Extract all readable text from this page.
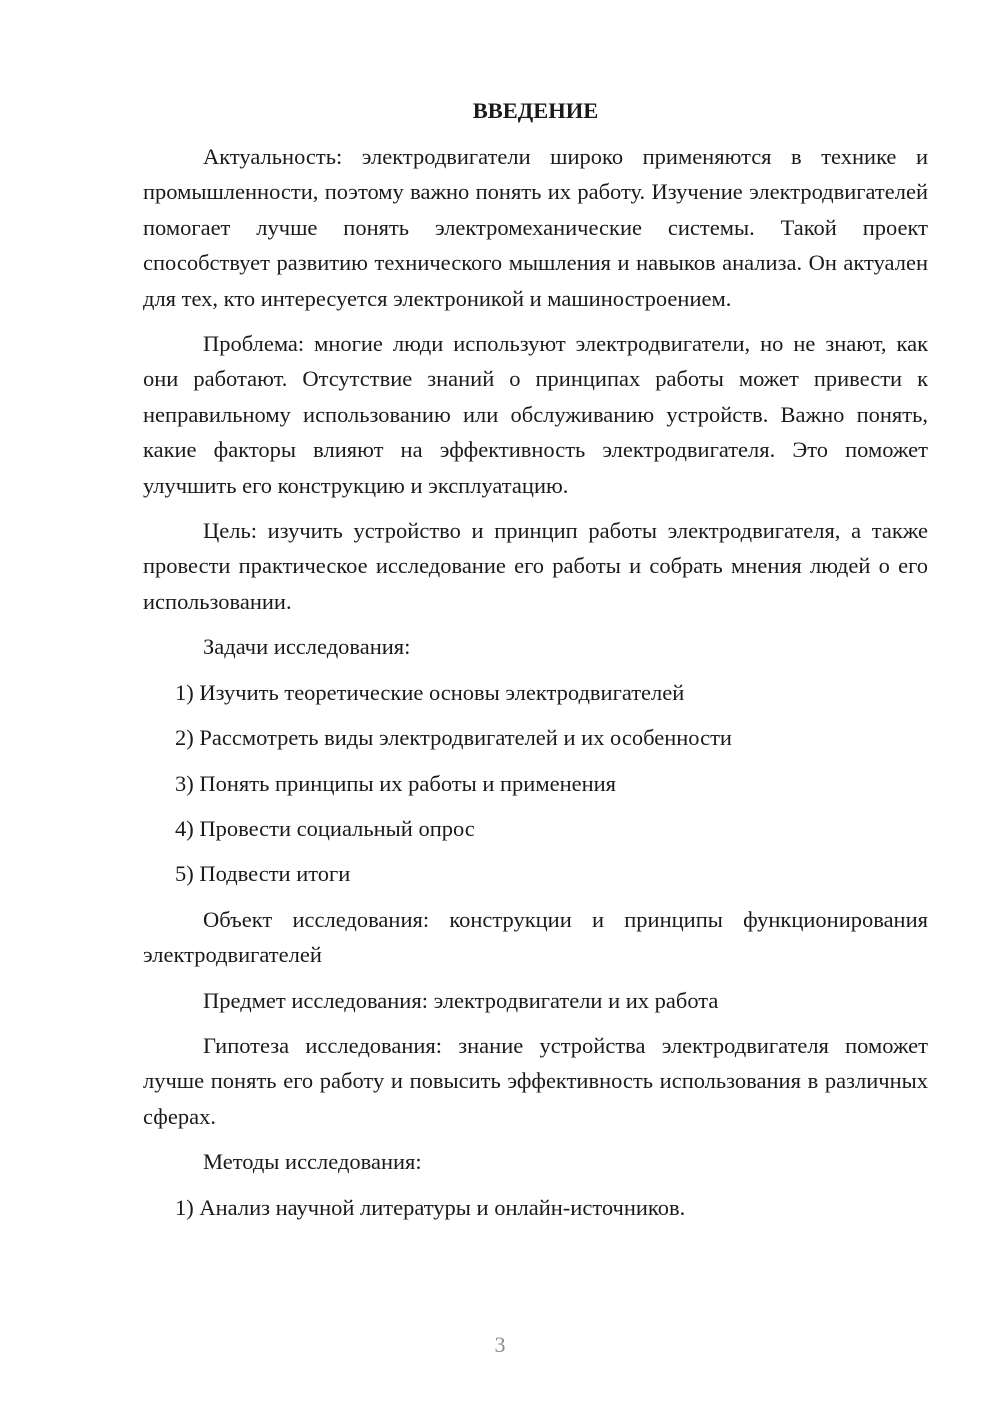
ВВЕДЕНИЕ

Актуальность: электродвигатели широко применяются в технике и промышленности, поэтому важно понять их работу. Изучение электродвигателей помогает лучше понять электромеханические системы. Такой проект способствует развитию технического мышления и навыков анализа. Он актуален для тех, кто интересуется электроникой и машиностроением.

Проблема: многие люди используют электродвигатели, но не знают, как они работают. Отсутствие знаний о принципах работы может привести к неправильному использованию или обслуживанию устройств. Важно понять, какие факторы влияют на эффективность электродвигателя. Это поможет улучшить его конструкцию и эксплуатацию.

Цель: изучить устройство и принцип работы электродвигателя, а также провести практическое исследование его работы и собрать мнения людей о его использовании.

Задачи исследования:

1) Изучить теоретические основы электродвигателей

2) Рассмотреть виды электродвигателей и их особенности

3) Понять принципы их работы и применения

4) Провести социальный опрос

5) Подвести итоги

Объект исследования: конструкции и принципы функционирования электродвигателей

Предмет исследования: электродвигатели и их работа

Гипотеза исследования: знание устройства электродвигателя поможет лучше понять его работу и повысить эффективность использования в различных сферах.

Методы исследования:

1) Анализ научной литературы и онлайн-источников.

3
